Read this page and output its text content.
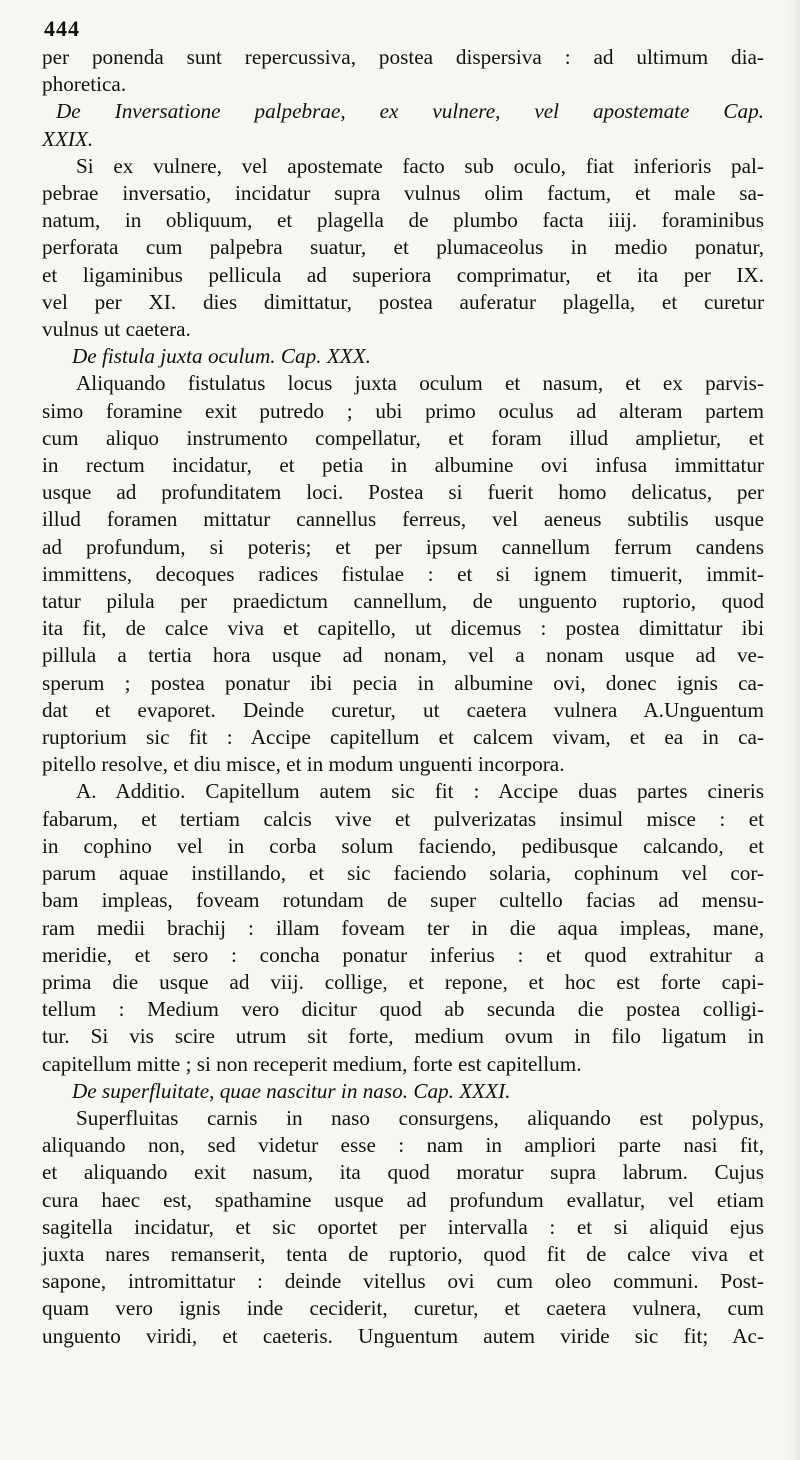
444
per ponenda sunt repercussiva, postea dispersiva : ad ultimum dia-
phoretica.
De Inversatione palpebrae, ex vulnere, vel apostemate Cap.
XXIX.
Si ex vulnere, vel apostemate facto sub oculo, fiat inferioris pal-
pebrae inversatio, incidatur supra vulnus olim factum, et male sa-
natum, in obliquum, et plagella de plumbo facta iiij. foraminibus
perforata cum palpebra suatur, et plumaceolus in medio ponatur,
et ligaminibus pellicula ad superiora comprimatur, et ita per IX.
vel per XI. dies dimittatur, postea auferatur plagella, et curetur
vulnus ut caetera.
De fistula juxta oculum. Cap. XXX.
Aliquando fistulatus locus juxta oculum et nasum, et ex parvis-
simo foramine exit putredo ; ubi primo oculus ad alteram partem
cum aliquo instrumento compellatur, et foram illud amplietur, et
in rectum incidatur, et petia in albumine ovi infusa immittatur
usque ad profunditatem loci. Postea si fuerit homo delicatus, per
illud foramen mittatur cannellus ferreus, vel aeneus subtilis usque
ad profundum, si poteris; et per ipsum cannellum ferrum candens
immittens, decoques radices fistulae : et si ignem timuerit, immit-
tatur pilula per praedictum cannellum, de unguento ruptorio, quod
ita fit, de calce viva et capitello, ut dicemus : postea dimittatur ibi
pillula a tertia hora usque ad nonam, vel a nonam usque ad ve-
sperum ; postea ponatur ibi pecia in albumine ovi, donec ignis ca-
dat et evaporet. Deinde curetur, ut caetera vulnera A.Unguentum
ruptorium sic fit : Accipe capitellum et calcem vivam, et ea in ca-
pitello resolve, et diu misce, et in modum unguenti incorpora.
A. Additio. Capitellum autem sic fit : Accipe duas partes cineris
fabarum, et tertiam calcis vive et pulverizatas insimul misce : et
in cophino vel in corba solum faciendo, pedibusque calcando, et
parum aquae instillando, et sic faciendo solaria, cophinum vel cor-
bam impleas, foveam rotundam de super cultello facias ad mensu-
ram medii brachij : illam foveam ter in die aqua impleas, mane,
meridie, et sero : concha ponatur inferius : et quod extrahitur a
prima die usque ad viij. collige, et repone, et hoc est forte capi-
tellum : Medium vero dicitur quod ab secunda die postea colligi-
tur. Si vis scire utrum sit forte, medium ovum in filo ligatum in
capitellum mitte ; si non receperit medium, forte est capitellum.
De superfluitate, quae nascitur in naso. Cap. XXXI.
Superfluitas carnis in naso consurgens, aliquando est polypus,
aliquando non, sed videtur esse : nam in ampliori parte nasi fit,
et aliquando exit nasum, ita quod moratur supra labrum. Cujus
cura haec est, spathamine usque ad profundum evallatur, vel etiam
sagitella incidatur, et sic oportet per intervalla : et si aliquid ejus
juxta nares remanserit, tenta de ruptorio, quod fit de calce viva et
sapone, intromittatur : deinde vitellus ovi cum oleo communi. Post-
quam vero ignis inde ceciderit, curetur, et caetera vulnera, cum
unguento viridi, et caeteris. Unguentum autem viride sic fit; Ac-
